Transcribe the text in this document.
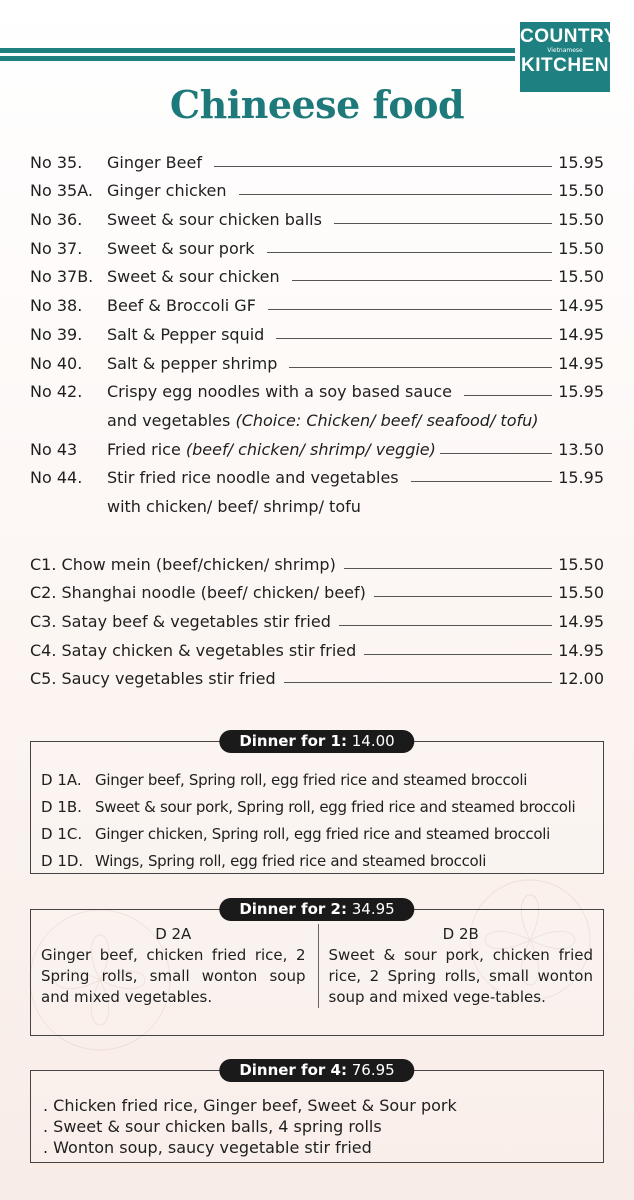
COUNTRY
Vietnamese
KITCHEN
Chineese food
No 35.	Ginger Beef	15.95
No 35A. Ginger chicken	15.50
No 36.	Sweet & sour chicken balls	15.50
No 37.	Sweet & sour pork	15.50
No 37B. Sweet & sour chicken	15.50
No 38.	Beef & Broccoli GF	14.95
No 39.	Salt & Pepper squid	14.95
No 40.	Salt & pepper shrimp	14.95
No 42.	Crispy egg noodles with a soy based sauce	15.95
and vegetables
(Choice: Chicken/ beef/ seafood/ tofu)
No 43	Fried rice (beef/ chicken/ shrimp/ veggie)	13.50
No 44.	Stir fried rice noodle and vegetables	15.95
with chicken/ beef/ shrimp/ tofu
C1. Chow mein (beef/chicken/ shrimp)	15.50
C2. Shanghai noodle (beef/ chicken/ beef)	15.50
C3. Satay beef & vegetables stir fried	14.95
C4. Satay chicken & vegetables stir fried	14.95
C5. Saucy vegetables stir fried	12.00
Dinner for 1: 14.00
D 1A. Ginger beef, Spring roll, egg fried rice and steamed broccoli
D 1B. Sweet & sour pork, Spring roll, egg fried rice and steamed broccoli
D 1C. Ginger chicken, Spring roll, egg fried rice and steamed broccoli
D 1D. Wings, Spring roll, egg fried rice and steamed broccoli
Dinner for 2: 34.95
D 2A
Ginger beef, chicken fried rice, 2 Spring rolls, small wonton soup and mixed vegetables.
D 2B
Sweet & sour pork, chicken fried rice, 2 Spring rolls, small wonton soup and mixed vege-tables.
Dinner for 4: 76.95
. Chicken fried rice, Ginger beef, Sweet & Sour pork
. Sweet & sour chicken balls, 4 spring rolls
. Wonton soup, saucy vegetable stir fried
